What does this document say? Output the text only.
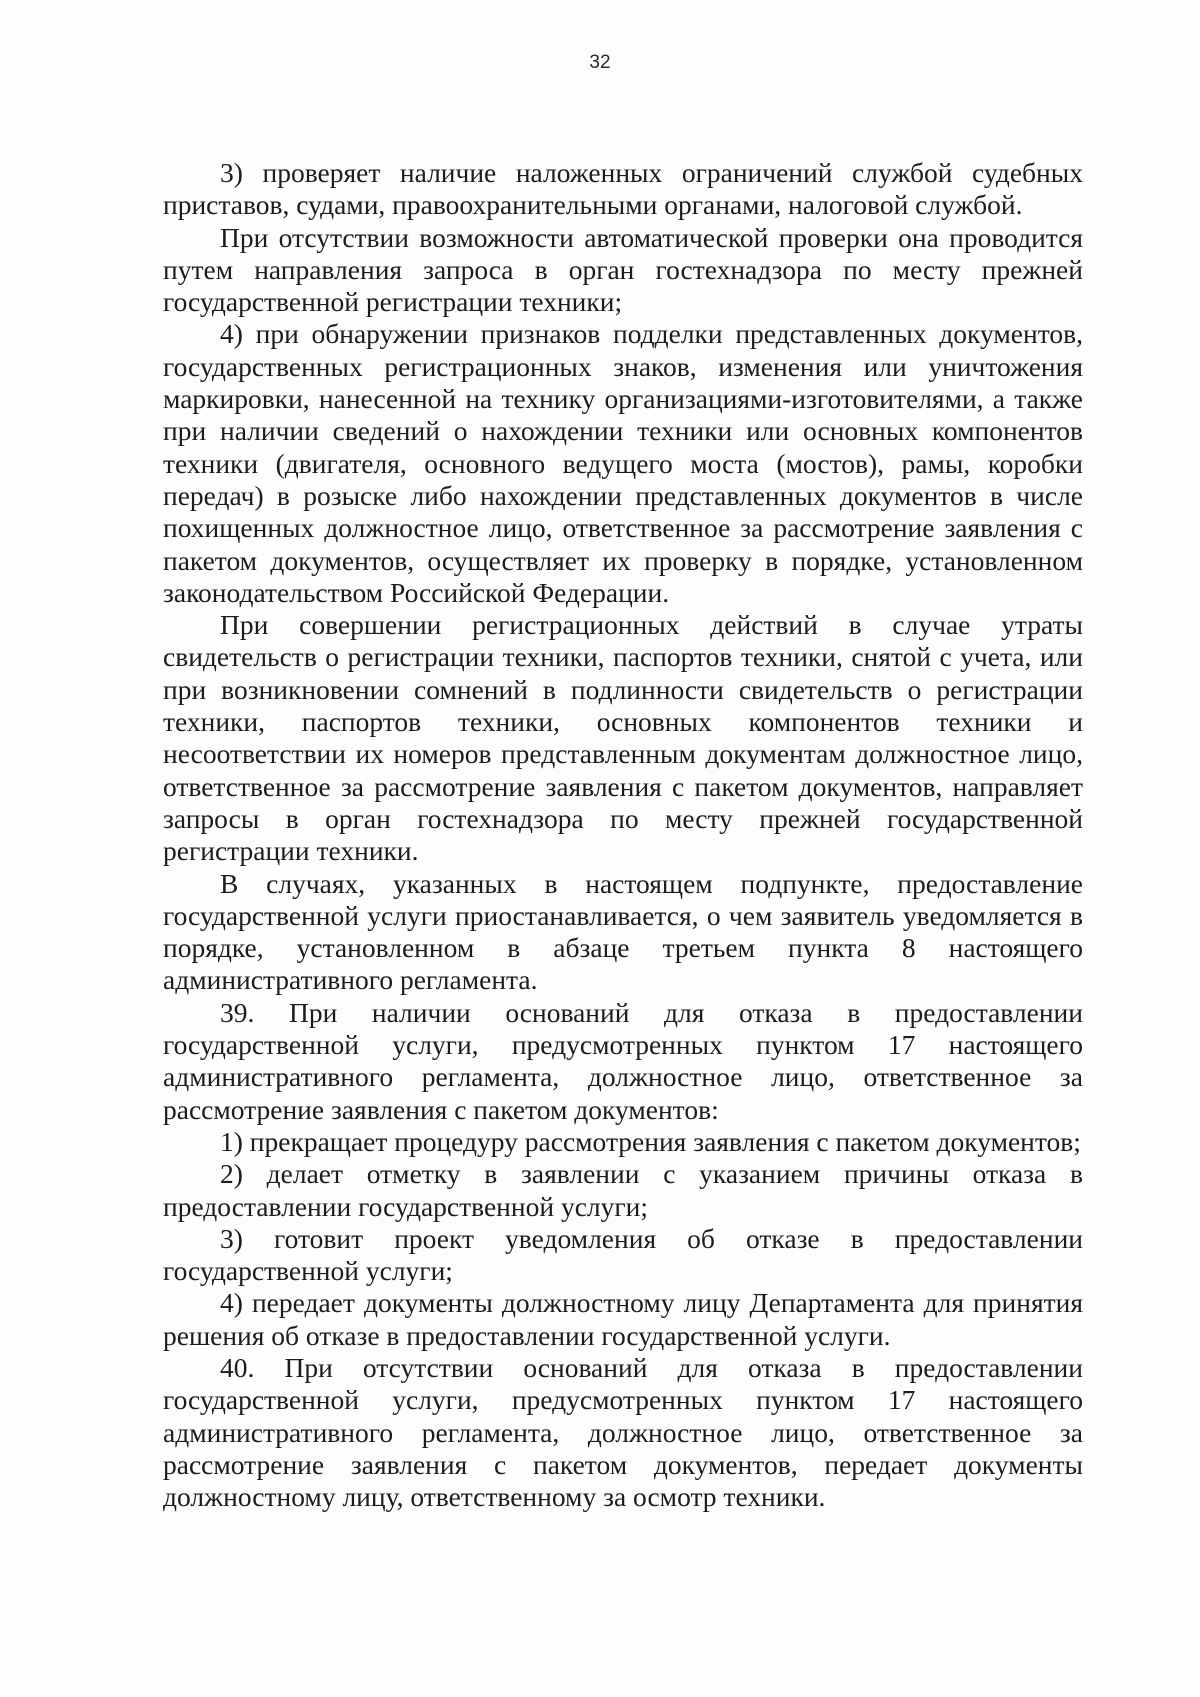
32

3) проверяет наличие наложенных ограничений службой судебных приставов, судами, правоохранительными органами, налоговой службой.

При отсутствии возможности автоматической проверки она проводится путем направления запроса в орган гостехнадзора по месту прежней государственной регистрации техники;

4) при обнаружении признаков подделки представленных документов, государственных регистрационных знаков, изменения или уничтожения маркировки, нанесенной на технику организациями-изготовителями, а также при наличии сведений о нахождении техники или основных компонентов техники (двигателя, основного ведущего моста (мостов), рамы, коробки передач) в розыске либо нахождении представленных документов в числе похищенных должностное лицо, ответственное за рассмотрение заявления с пакетом документов, осуществляет их проверку в порядке, установленном законодательством Российской Федерации.

При совершении регистрационных действий в случае утраты свидетельств о регистрации техники, паспортов техники, снятой с учета, или при возникновении сомнений в подлинности свидетельств о регистрации техники, паспортов техники, основных компонентов техники и несоответствии их номеров представленным документам должностное лицо, ответственное за рассмотрение заявления с пакетом документов, направляет запросы в орган гостехнадзора по месту прежней государственной регистрации техники.

В случаях, указанных в настоящем подпункте, предоставление государственной услуги приостанавливается, о чем заявитель уведомляется в порядке, установленном в абзаце третьем пункта 8 настоящего административного регламента.

39. При наличии оснований для отказа в предоставлении государственной услуги, предусмотренных пунктом 17 настоящего административного регламента, должностное лицо, ответственное за рассмотрение заявления с пакетом документов:

1) прекращает процедуру рассмотрения заявления с пакетом документов;

2) делает отметку в заявлении с указанием причины отказа в предоставлении государственной услуги;

3) готовит проект уведомления об отказе в предоставлении государственной услуги;

4) передает документы должностному лицу Департамента для принятия решения об отказе в предоставлении государственной услуги.

40. При отсутствии оснований для отказа в предоставлении государственной услуги, предусмотренных пунктом 17 настоящего административного регламента, должностное лицо, ответственное за рассмотрение заявления с пакетом документов, передает документы должностному лицу, ответственному за осмотр техники.
